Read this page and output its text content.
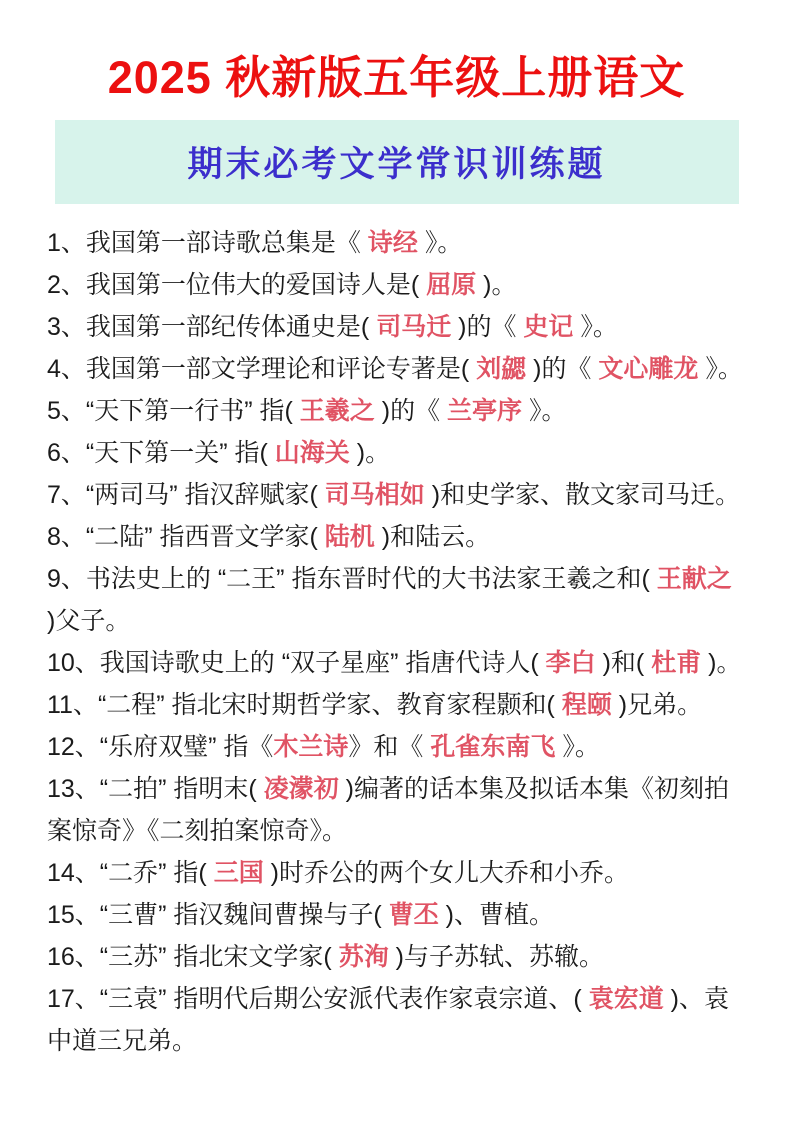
2025 秋新版五年级上册语文
期末必考文学常识训练题

1、我国第一部诗歌总集是《 诗经 》。

2、我国第一位伟大的爱国诗人是( 屈原 )。

3、我国第一部纪传体通史是( 司马迁 )的《 史记 》。

4、我国第一部文学理论和评论专著是( 刘勰 )的《 文心雕龙 》。

5、“天下第一行书” 指( 王羲之 )的《 兰亭序 》。

6、“天下第一关” 指( 山海关 )。

7、“两司马” 指汉辞赋家( 司马相如 )和史学家、散文家司马迁。

8、“二陆” 指西晋文学家( 陆机 )和陆云。

9、书法史上的 “二王” 指东晋时代的大书法家王羲之和( 王献之 )父子。

10、我国诗歌史上的 “双子星座” 指唐代诗人( 李白 )和( 杜甫 )。

11、“二程” 指北宋时期哲学家、教育家程颢和( 程颐 )兄弟。

12、“乐府双璧” 指《木兰诗》和《 孔雀东南飞 》。

13、“二拍” 指明末( 凌濛初 )编著的话本集及拟话本集《初刻拍案惊奇》《二刻拍案惊奇》。

14、“二乔” 指( 三国 )时乔公的两个女儿大乔和小乔。

15、“三曹” 指汉魏间曹操与子( 曹丕 )、曹植。

16、“三苏” 指北宋文学家( 苏洵 )与子苏轼、苏辙。

17、“三袁” 指明代后期公安派代表作家袁宗道、( 袁宏道 )、袁中道三兄弟。
